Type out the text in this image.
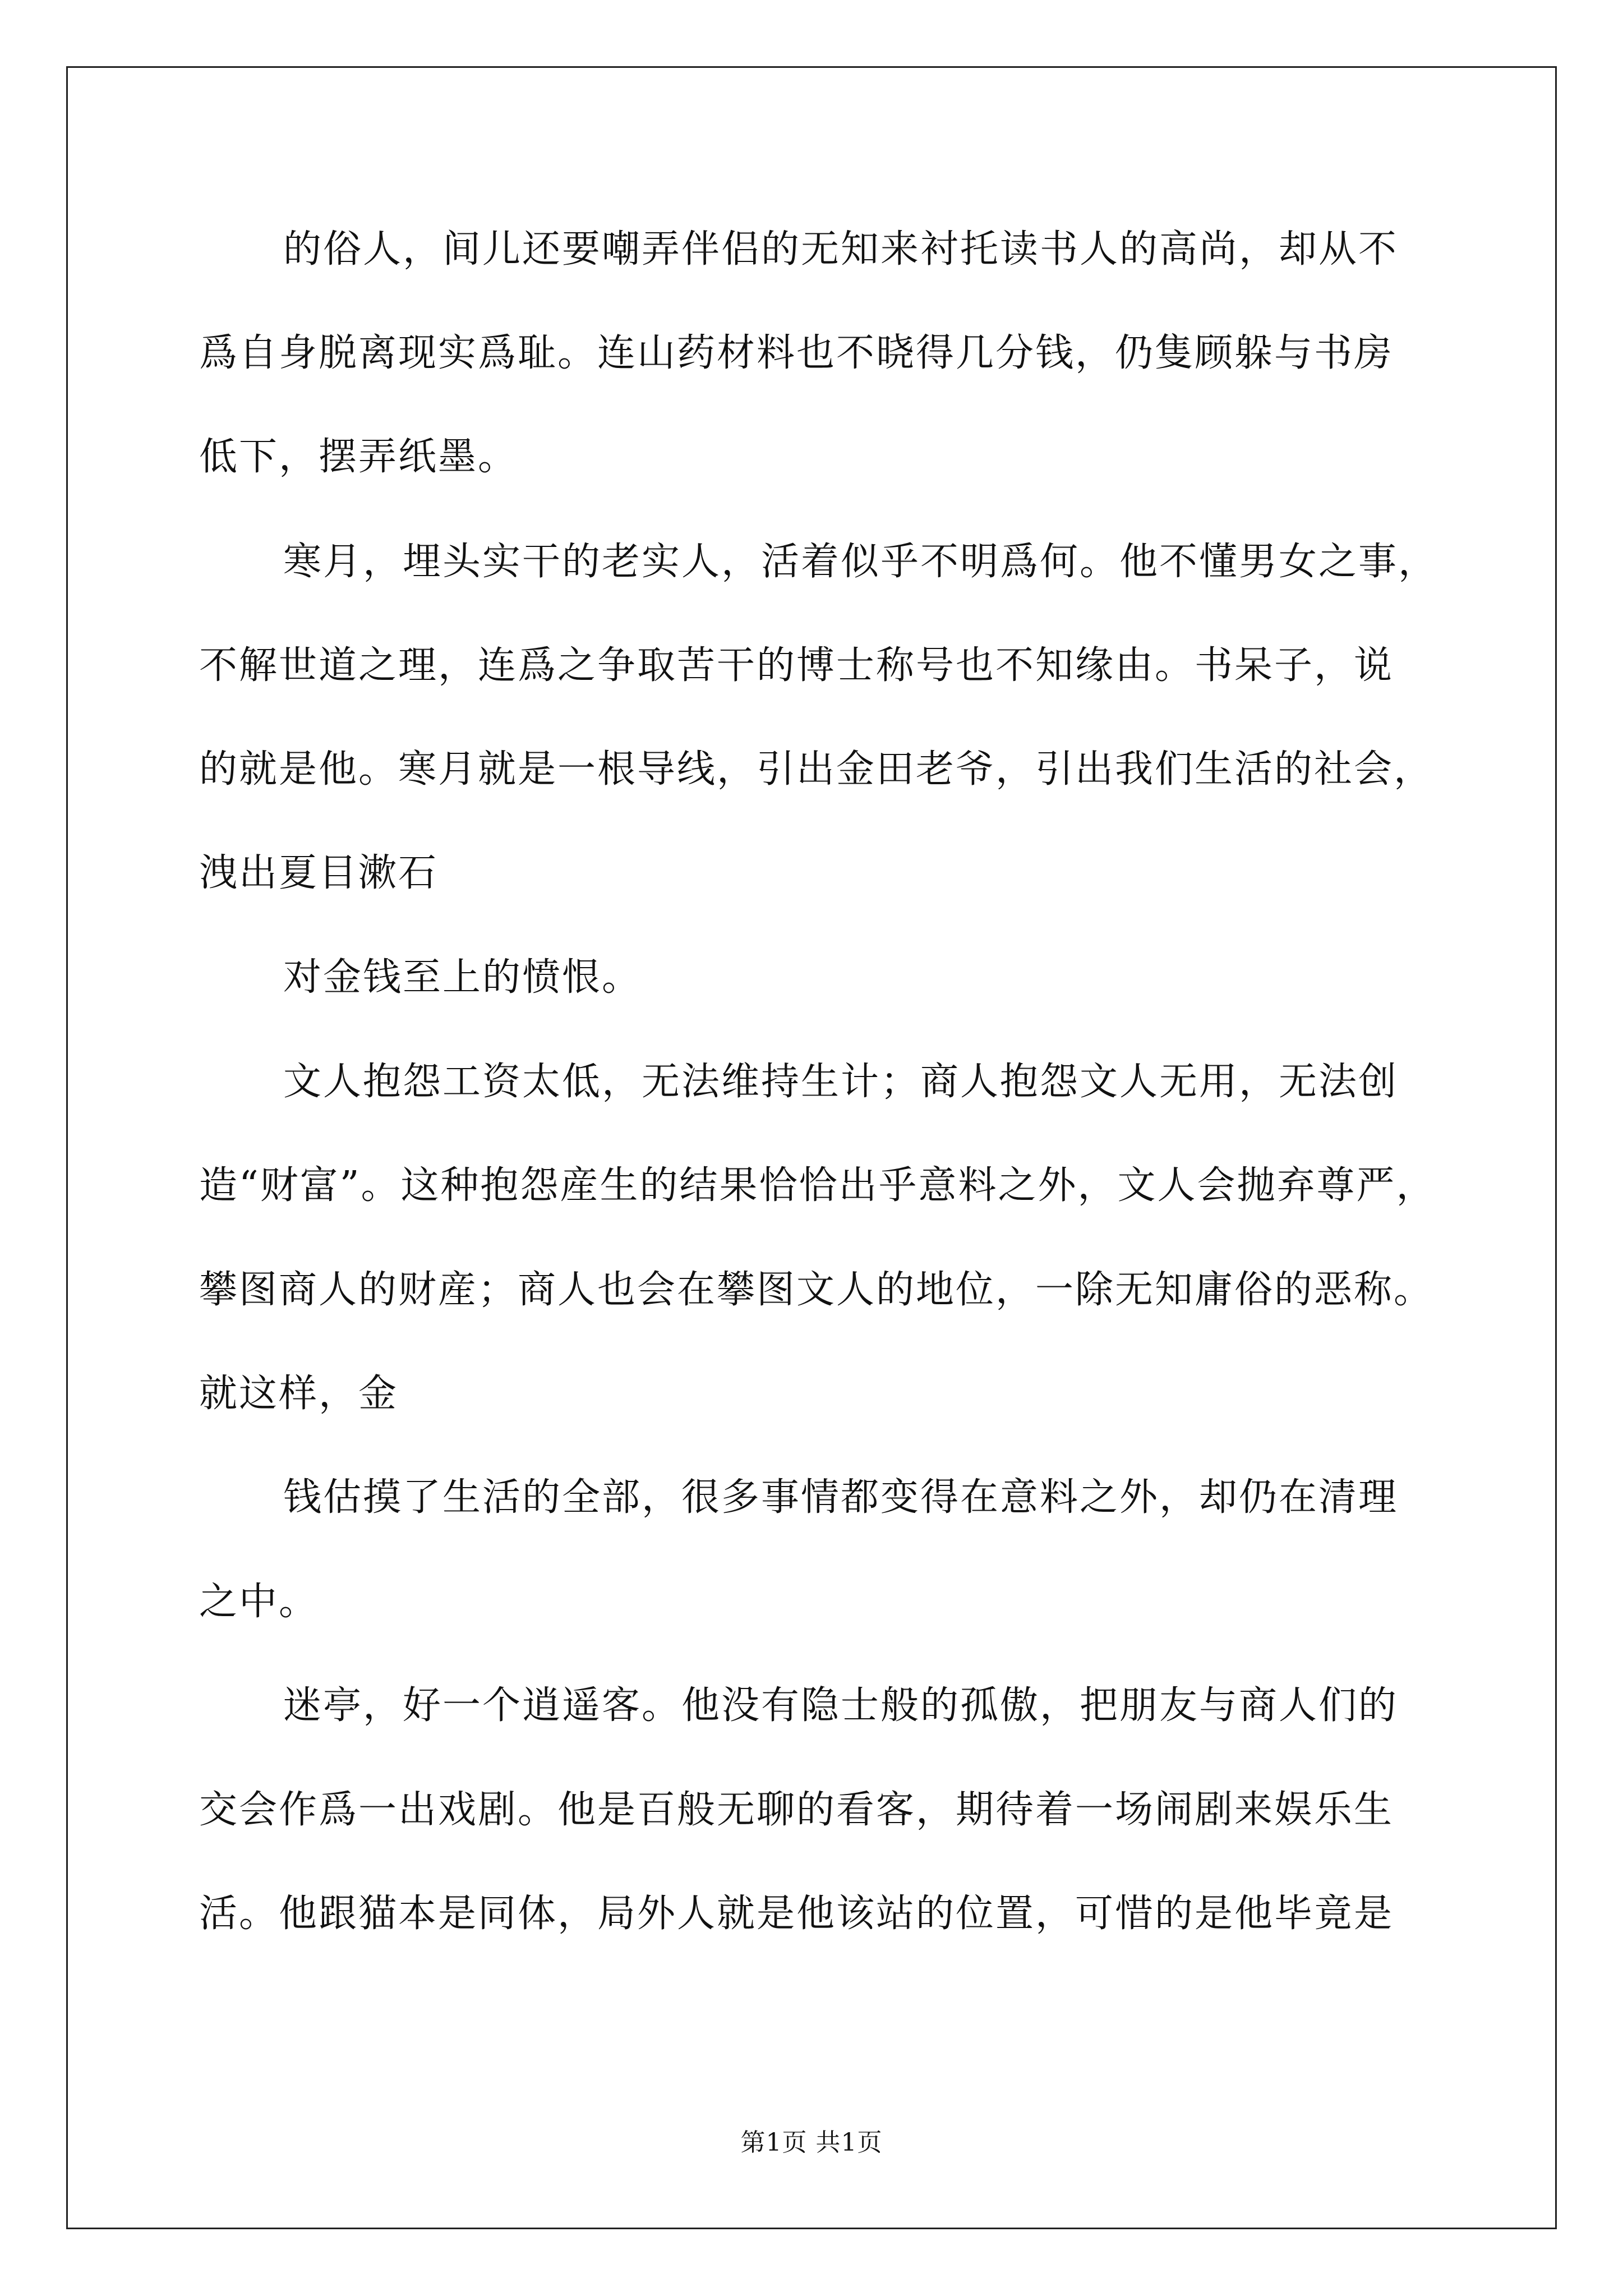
的俗人，间儿还要嘲弄伴侣的无知来衬托读书人的高尚，却从不
爲自身脱离现实爲耻。连山药材料也不晓得几分钱，仍隻顾躲与书房
低下，摆弄纸墨。
寒月，埋头实干的老实人，活着似乎不明爲何。他不懂男女之事，
不解世道之理，连爲之争取苦干的博士称号也不知缘由。书呆子，说
的就是他。寒月就是一根导线，引出金田老爷，引出我们生活的社会，
洩出夏目漱石
对金钱至上的愤恨。
文人抱怨工资太低，无法维持生计；商人抱怨文人无用，无法创
造“财富”。这种抱怨産生的结果恰恰出乎意料之外，文人会抛弃尊严，
攀图商人的财産；商人也会在攀图文人的地位，一除无知庸俗的恶称。
就这样，金
钱估摸了生活的全部，很多事情都变得在意料之外，却仍在清理
之中。
迷亭，好一个逍遥客。他没有隐士般的孤傲，把朋友与商人们的
交会作爲一出戏剧。他是百般无聊的看客，期待着一场闹剧来娱乐生
活。他跟猫本是同体，局外人就是他该站的位置，可惜的是他毕竟是
第1页 共1页
